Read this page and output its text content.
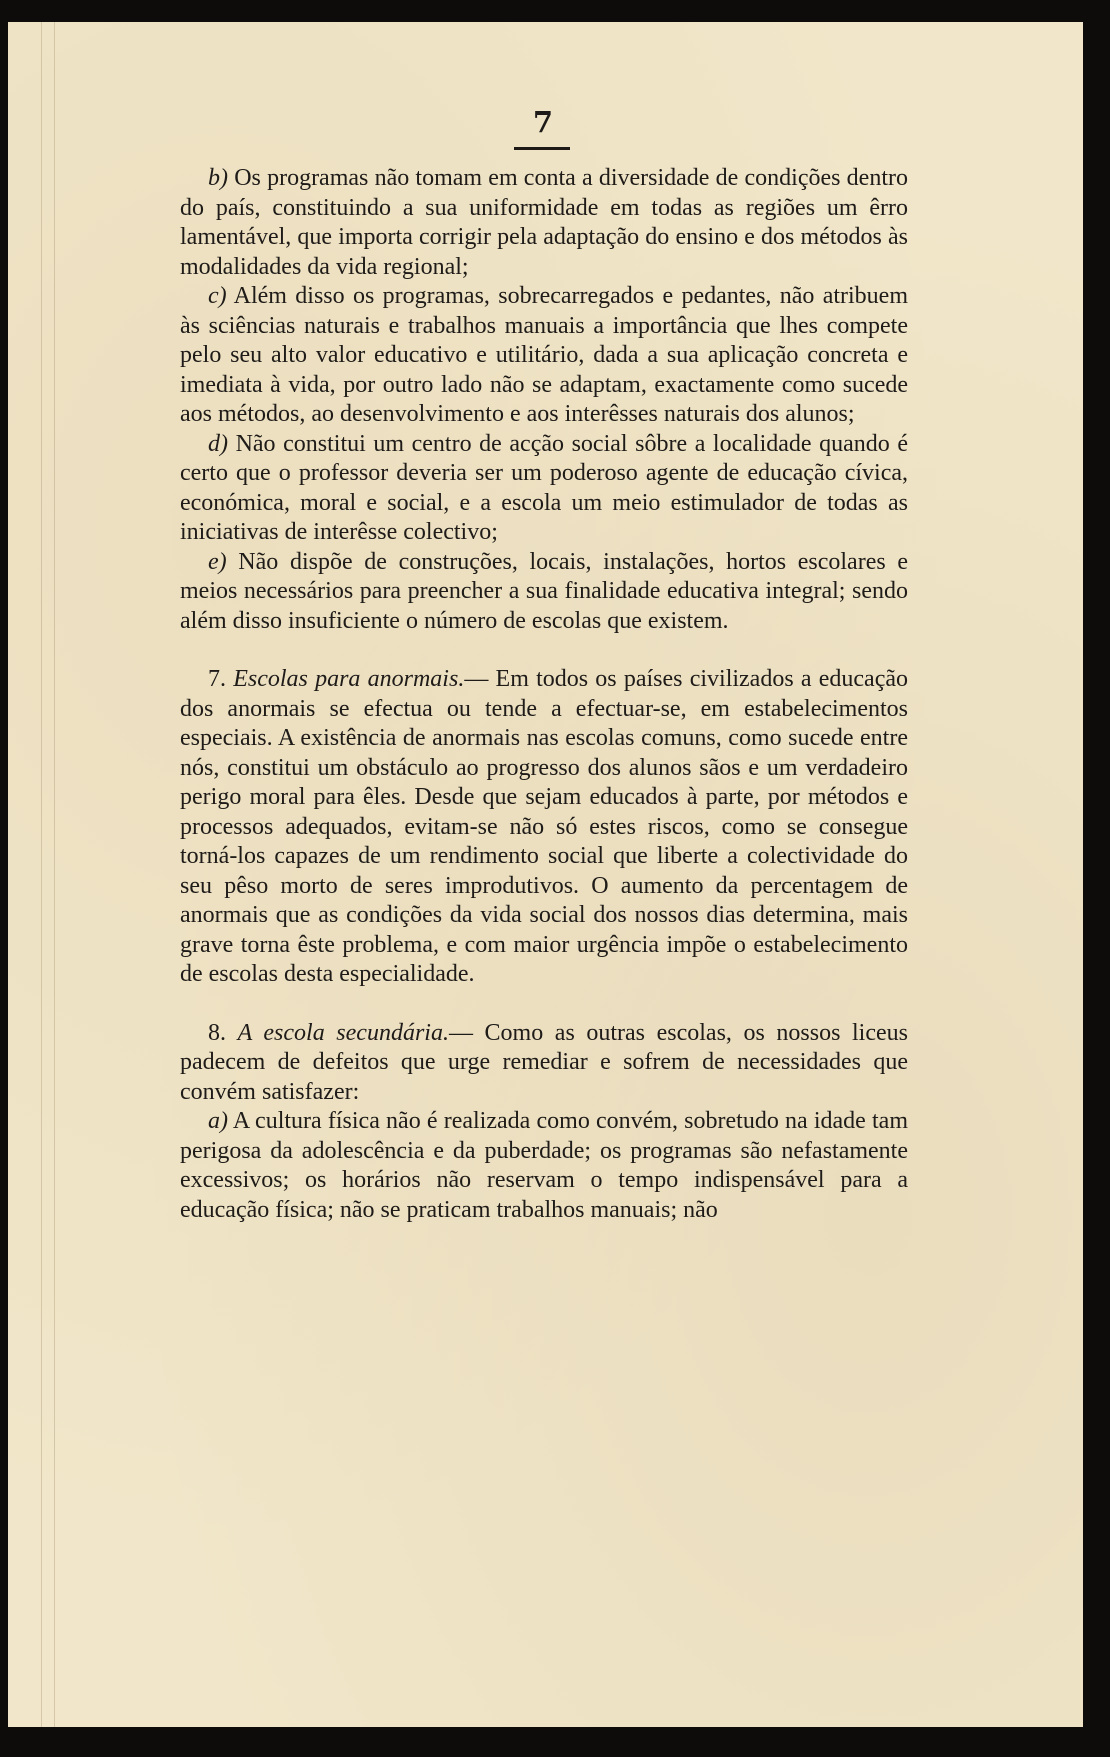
7

b) Os programas não tomam em conta a diversidade de condições dentro do país, constituindo a sua uniformidade em todas as regiões um êrro lamentável, que importa corrigir pela adaptação do ensino e dos métodos às modalidades da vida regional;

c) Além disso os programas, sobrecarregados e pedantes, não atribuem às sciências naturais e trabalhos manuais a importância que lhes compete pelo seu alto valor educativo e utilitário, dada a sua aplicação concreta e imediata à vida, por outro lado não se adaptam, exactamente como sucede aos métodos, ao desenvolvimento e aos interêsses naturais dos alunos;

d) Não constitui um centro de acção social sôbre a localidade quando é certo que o professor deveria ser um poderoso agente de educação cívica, económica, moral e social, e a escola um meio estimulador de todas as iniciativas de interêsse colectivo;

e) Não dispõe de construções, locais, instalações, hortos escolares e meios necessários para preencher a sua finalidade educativa integral; sendo além disso insuficiente o número de escolas que existem.

7. Escolas para anormais.— Em todos os países civilizados a educação dos anormais se efectua ou tende a efectuar-se, em estabelecimentos especiais. A existência de anormais nas escolas comuns, como sucede entre nós, constitui um obstáculo ao progresso dos alunos sãos e um verdadeiro perigo moral para êles. Desde que sejam educados à parte, por métodos e processos adequados, evitam-se não só estes riscos, como se consegue torná-los capazes de um rendimento social que liberte a colectividade do seu pêso morto de seres improdutivos. O aumento da percentagem de anormais que as condições da vida social dos nossos dias determina, mais grave torna êste problema, e com maior urgência impõe o estabelecimento de escolas desta especialidade.

8. A escola secundária.— Como as outras escolas, os nossos liceus padecem de defeitos que urge remediar e sofrem de necessidades que convém satisfazer:

a) A cultura física não é realizada como convém, sobretudo na idade tam perigosa da adolescência e da puberdade; os programas são nefastamente excessivos; os horários não reservam o tempo indispensável para a educação física; não se praticam trabalhos manuais; não
